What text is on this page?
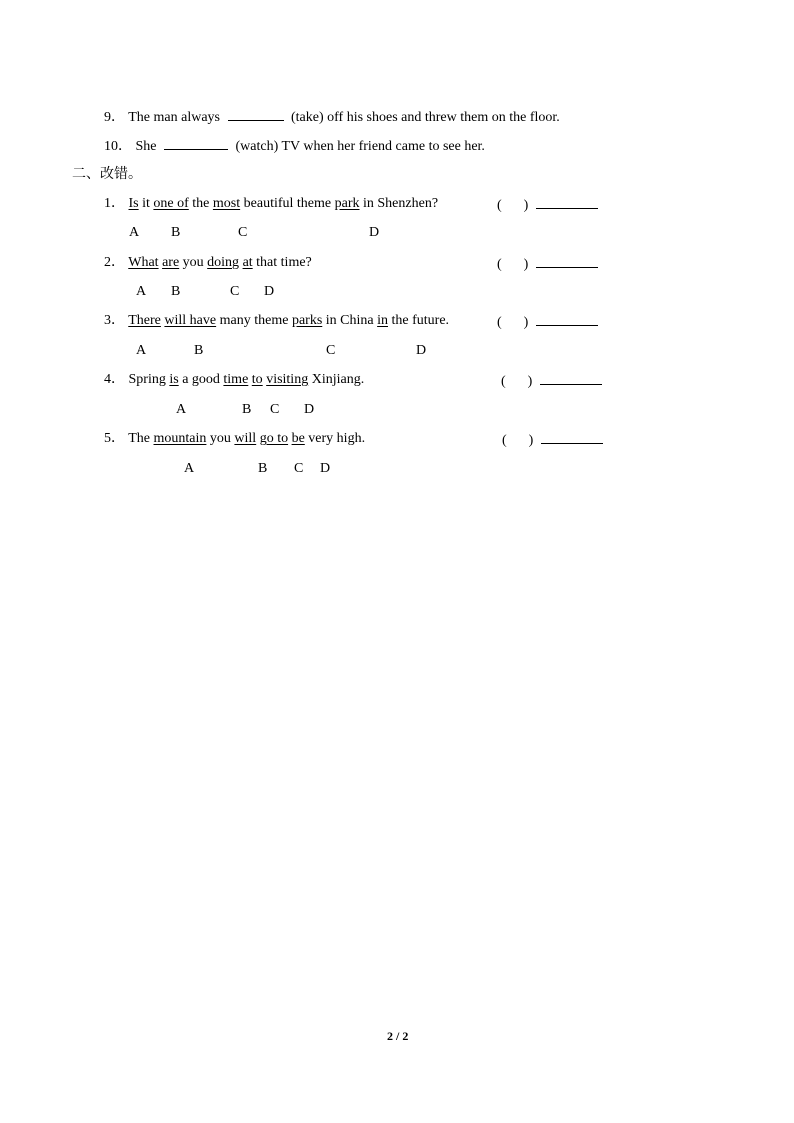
9． The man always	(take) off his shoes and threw them on the floor.
10． She	(watch) TV when her friend came to see her.
二、改错。
1． Is it one of the most beautiful theme park in Shenzhen?	( )
A B	C	D
2． What are you doing at that time?	( )
A B	C D
3． There will have many theme parks in China in the future.	( )
A	B	C	D
4． Spring is a good time to visiting Xinjiang.	( )
A	B C D
5． The mountain you will go to be very high.	( )
A	B C D
2 / 2
